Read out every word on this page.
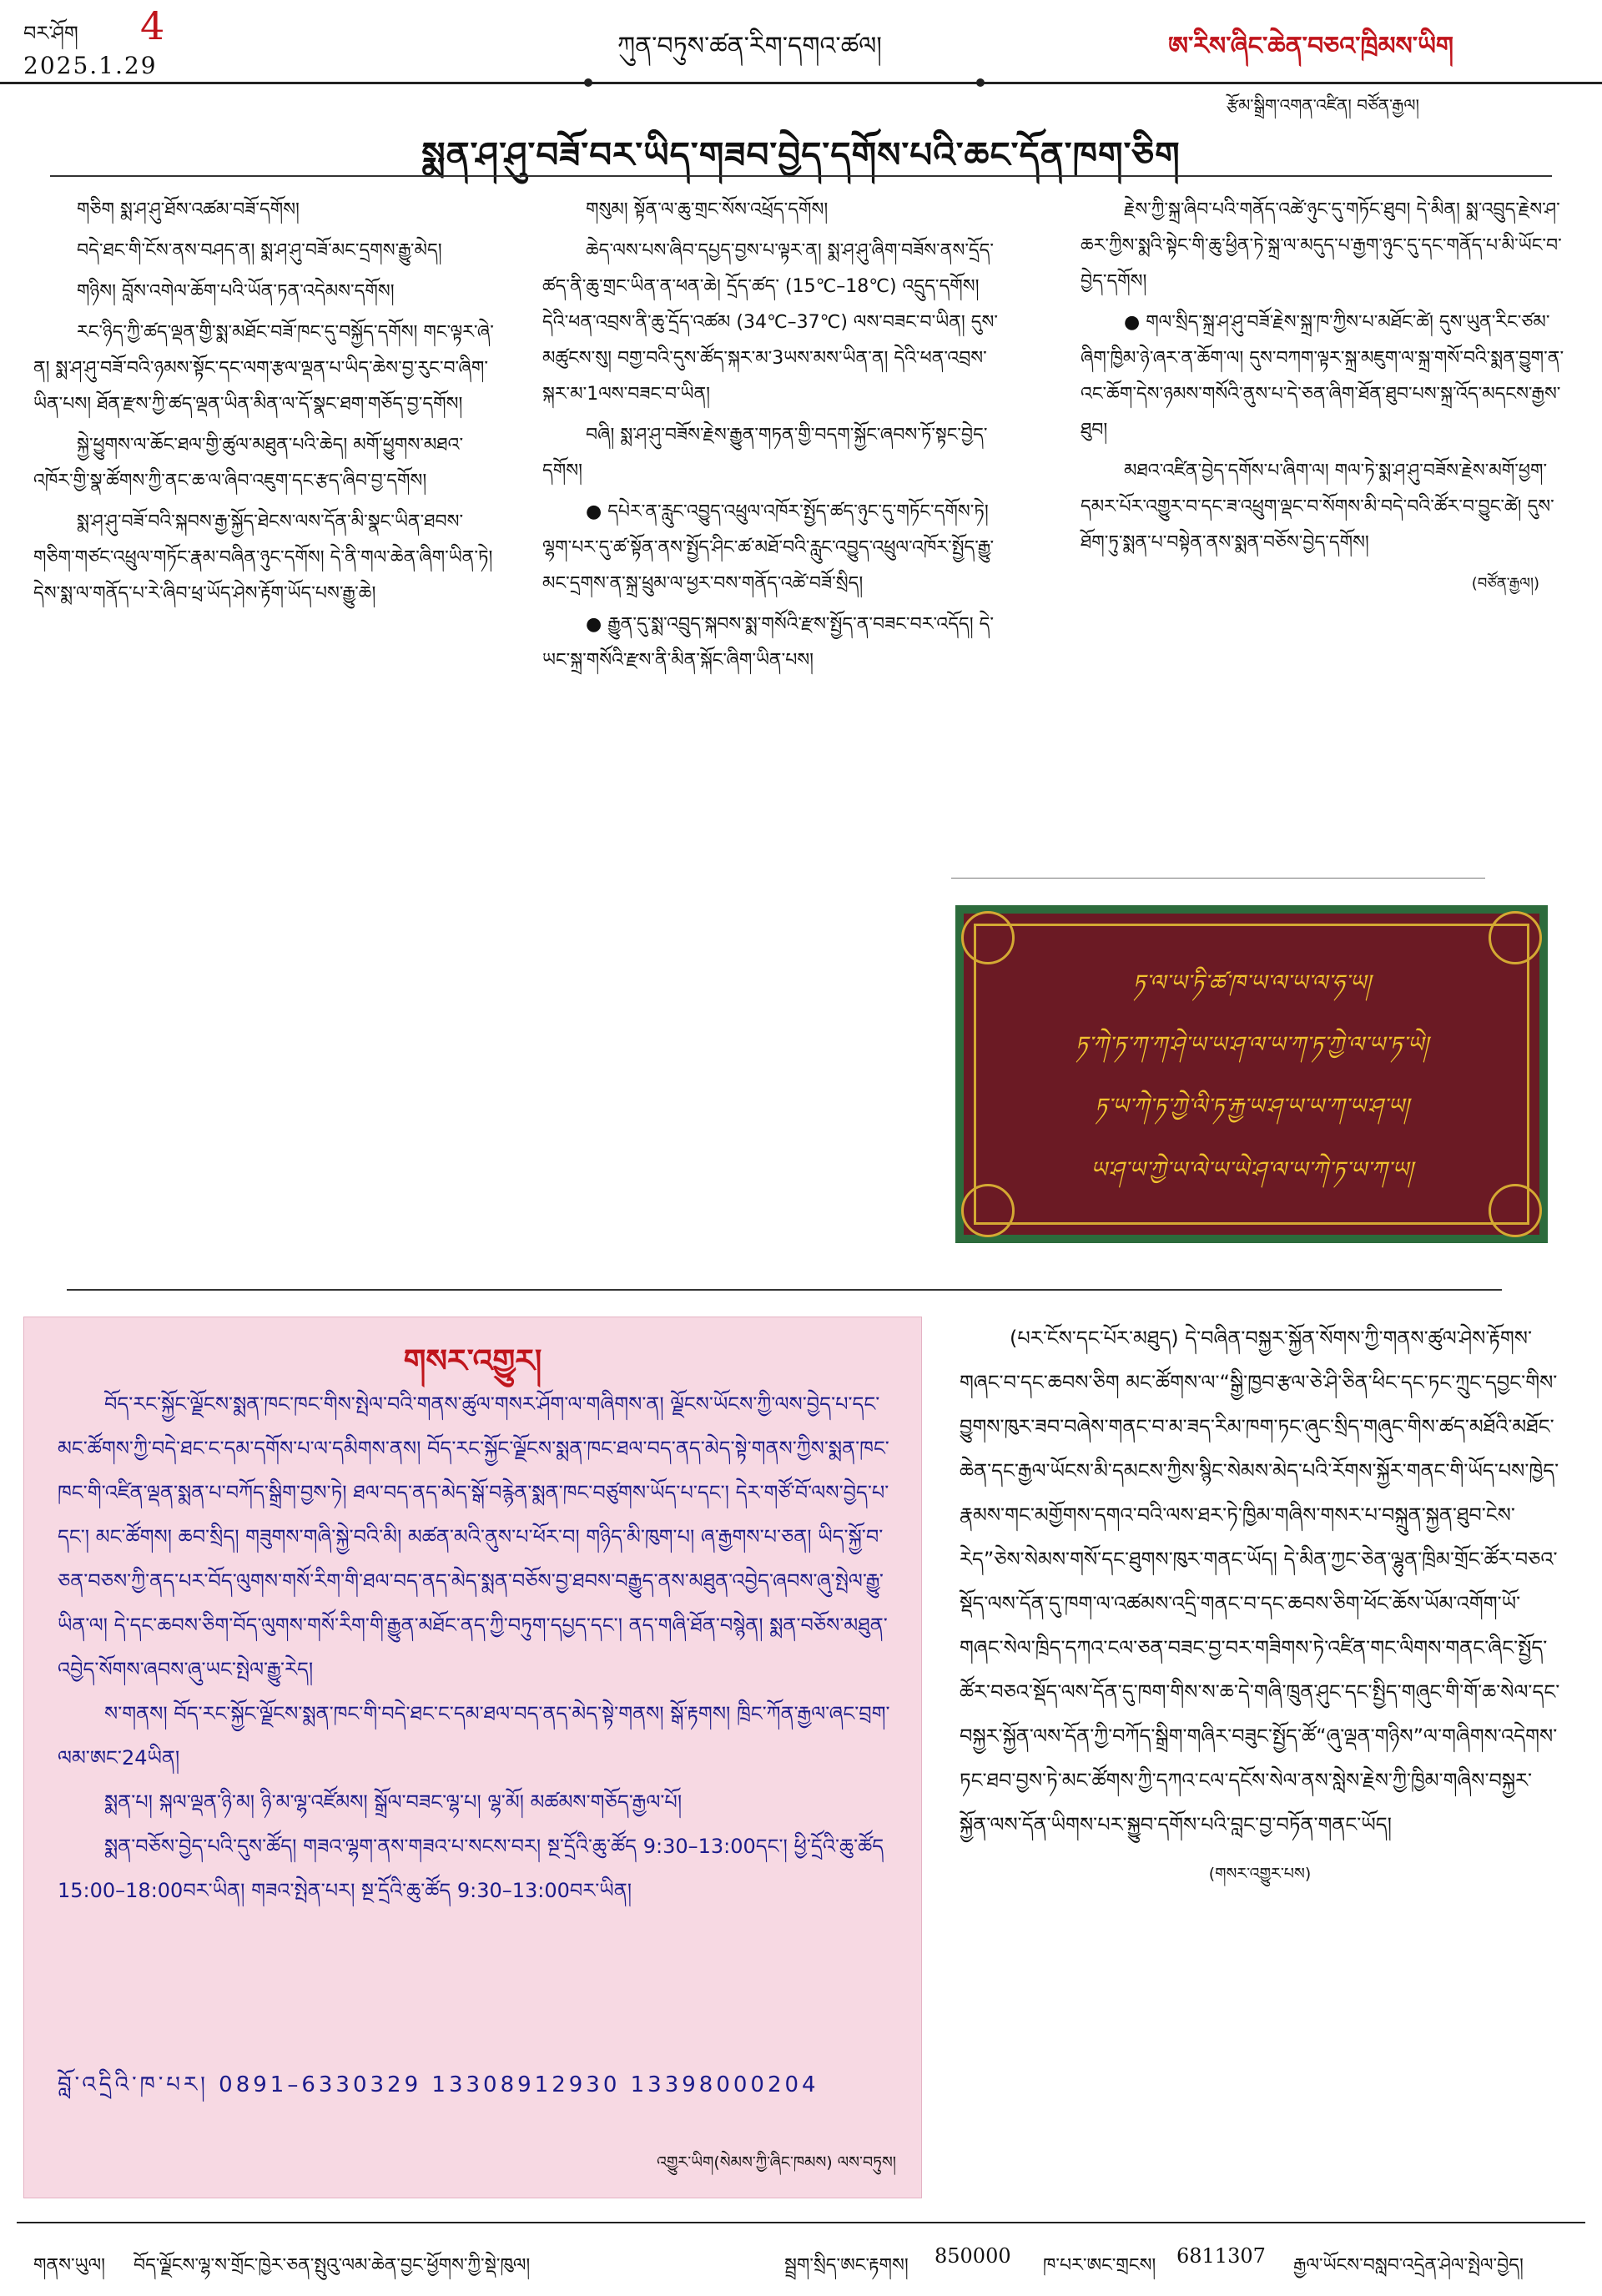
བར་ཤོག 4
2025.1.29
ཀུན་བཏུས་ཚན་རིག་དགའ་ཚལ།	ཨ་རིས་ཞིང་ཆེན་བཅའ་ཁྲིམས་ཡིག
རྩོམ་སྒྲིག་འགན་འཛིན། བཙོན་རྒྱལ།
སྨན་ཤ་ཤུ་བཟོ་བར་ཡིད་གཟབ་བྱེད་དགོས་པའི་ཆང་དོན་ཁག་ཅིག

གཅིག སྨ་ཤ་ཤུ་ཐོས་འཚམ་བཟོ་དགོས།

བདེ་ཐང་གི་ངོས་ནས་བཤད་ན། སྨ་ཤ་ཤུ་བཟོ་མང་དྲགས་རྒྱུ་མེད།

གཉིས། བློས་འགེལ་ཆོག་པའི་ཡོན་ཏན་འདེམས་དགོས།

རང་ཉིད་ཀྱི་ཚད་ལྡན་གྱི་སྨ་མཐོང་བཟོ་ཁང་དུ་བསྐྱོད་དགོས། གང་ལྟར་ཞེ་ན། སྨ་ཤ་ཤུ་བཟོ་བའི་ཉམས་སྟོང་དང་ལག་རྩལ་ལྡན་པ་ཡིད་ཆེས་བྱ་རུང་བ་ཞིག་ཡིན་པས། ཐོན་རྫས་ཀྱི་ཚད་ལྡན་ཡིན་མིན་ལ་དོ་སྣང་ཐག་གཅོད་བྱ་དགོས།

སྐྱེ་ཕྱུགས་ལ་ཆོང་ཐལ་གྱི་ཚུལ་མཐུན་པའི་ཆེད། མགོ་ཕྱུགས་མཐའ་འཁོར་གྱི་སྣ་ཚོགས་ཀྱི་ནང་ཆ་ལ་ཞིབ་འཇུག་དང་རྩད་ཞིབ་བྱ་དགོས།

སྨ་ཤ་ཤུ་བཟོ་བའི་སྐབས་རྒྱ་སྐྱོད་ཐེངས་ལས་དོན་མི་སྣང་ཡིན་ཐབས་གཅིག་གཙང་འཕྲུལ་གཏོང་རྣམ་བཞིན་ཉུང་དགོས། དེ་ནི་གལ་ཆེན་ཞིག་ཡིན་ཏེ། དེས་སྨ་ལ་གནོད་པ་རེ་ཞིབ་ཕྲ་ཡོད་ཤེས་རྟོག་ཡོད་པས་རྒྱུ་ཆེ།

གསུམ། སྟོན་ལ་ཆུ་གྲང་སོས་འཕྲོད་དགོས།

ཆེད་ལས་པས་ཞིབ་དཔྱད་བྱས་པ་ལྟར་ན། སྨ་ཤ་ཤུ་ཞིག་བཟོས་ནས་དྲོད་ཚད་ནི་ཆུ་གྲང་ཡིན་ན་ཕན་ཆེ། དྲོད་ཚད་ (15℃–18℃) འདྲུད་དགོས། དེའི་ཕན་འབྲས་ནི་ཆུ་དྲོད་འཚམ (34℃–37℃) ལས་བཟང་བ་ཡིན། དུས་མཚུངས་སུ། བགྱ་བའི་དུས་ཚོད་སྐར་མ་3ཡས་མས་ཡིན་ན། དེའི་ཕན་འབྲས་སྐར་མ་1ལས་བཟང་བ་ཡིན།

བཞི། སྨ་ཤ་ཤུ་བཟོས་རྗེས་རྒྱུན་གཏན་གྱི་བདག་སྐྱོང་ཞབས་ཏོ་སྟང་བྱེད་དགོས།

● དཔེར་ན་རླུང་འབྱུད་འཕྲུལ་འཁོར་སྤྱོད་ཚད་ཉུང་དུ་གཏོང་དགོས་ཏེ། ལྷག་པར་དུ་ཚ་སྟོན་ནས་སྤྱོད་ཤིང་ཚ་མཐོ་བའི་རླུང་འབྱུད་འཕྲུལ་འཁོར་སྤྱོད་རྒྱུ་མང་དྲགས་ན་སྐྲ་ཕྲུམ་ལ་ཕྱར་བས་གནོད་འཚེ་བཟོ་སྲིད།

● རྒྱུན་དུ་སྨ་འབྲུད་སྐབས་སྨ་གསོའི་རྫས་སྤྱོད་ན་བཟང་བར་འདོད། དེ་ཡང་སྐྲ་གསོའི་རྫས་ནི་མིན་སྐོང་ཞིག་ཡིན་པས།

རྗེས་ཀྱི་སྐྲ་ཞིབ་པའི་གནོད་འཚེ་ཉུང་དུ་གཏོང་ཐུབ། དེ་མིན། སྨ་འབྲུད་རྗེས་ཤ་ཆར་ཀྱིས་སྨའི་སྟེང་གི་ཆུ་ཕྱིན་ཏེ་སྐྲ་ལ་མདུད་པ་རྒྱག་ཉུང་དུ་དང་གནོད་པ་མི་ཡོང་བ་བྱེད་དགོས།

● གལ་སྲིད་སྐྲ་ཤ་ཤུ་བཟོ་རྗེས་སྐྲ་ཁ་ཀྱིས་པ་མཐོང་ཚེ། དུས་ཡུན་རིང་ཙམ་ཞིག་ཁྱིམ་ཉེ་ཞར་ན་ཆོག་ལ། དུས་བཀག་ལྟར་སྐྲ་མཇུག་ལ་སྐྲ་གསོ་བའི་སྨན་བྱུག་ན་འང་ཆོག་དེས་ཉམས་གསོའི་ནུས་པ་དེ་ཅན་ཞིག་ཐོན་ཐུབ་པས་སྐྲ་འོད་མདངས་རྒྱས་ཐུབ།

མཐའ་འཛིན་བྱེད་དགོས་པ་ཞིག་ལ། གལ་ཏེ་སྨ་ཤ་ཤུ་བཟོས་རྗེས་མགོ་ཕྱག་དམར་པོར་འགྱུར་བ་དང་ཟ་འཕྲུག་ལྡང་བ་སོགས་མི་བདེ་བའི་ཚོར་བ་བྱུང་ཚེ། དུས་ཐོག་ཏུ་སྨན་པ་བསྟེན་ནས་སྨན་བཅོས་བྱེད་དགོས།

(བཙོན་རྒྱལ།)
ཏ་ལ་ཡ་ཏི་ཚ་ཁ་ཡ་ལ་ཡ་ལ་ཧ་ཡ།
ཏ་ཀེ་ཏ་ཀ་ཀ་ཤེ་ཡ་ཡ་ཤ་ལ་ཡ་ཀ་ཏ་ཀྱེ་ལ་ཡ་ཏ་ཡེ།
ཏ་ཡ་ཀེ་ཏ་ཀྱེ་ལི་ཏ་རྐྱ་ཡ་ཤ་ཡ་ཡ་ཀ་ཡ་ཤ་ཡ།
ཡ་ཤ་ཡ་ཀྱེ་ཡ་ལེ་ཡ་ཡེ་ཤ་ལ་ཡ་ཀེ་ཏ་ཡ་ཀ་ཡ།
གསར་འགྱུར།

བོད་རང་སྐྱོང་ལྗོངས་སྨན་ཁང་ཁང་གིས་སྤེལ་བའི་གནས་ཚུལ་གསར་ཤོག་ལ་གཞིགས་ན། ལྗོངས་ཡོངས་ཀྱི་ལས་བྱེད་པ་དང་མང་ཚོགས་ཀྱི་བདེ་ཐང་ང་དམ་དགོས་པ་ལ་དམིགས་ནས། བོད་རང་སྐྱོང་ལྗོངས་སྨན་ཁང་ཐལ་བད་ནད་མེད་སྟེ་གནས་ཀྱིས་སྨན་ཁང་ཁང་གི་འཛིན་ལྡན་སྨན་པ་བཀོད་སྒྲིག་བྱས་ཏེ། ཐལ་བད་ནད་མེད་སྒོ་བརྙེན་སྨན་ཁང་བཙུགས་ཡོད་པ་དང་། དེར་གཙོ་བོ་ལས་བྱེད་པ་དང་། མང་ཚོགས། ཆབ་སྲིད། གཟུགས་གཞི་སྐྱེ་བའི་མི། མཚན་མའི་ནུས་པ་ཕོར་བ། གཉིད་མི་ཁུག་པ། ཞ་རྒྱགས་པ་ཅན། ཡིད་སྐྱོ་བ་ཅན་བཅས་ཀྱི་ནད་པར་བོད་ལུགས་གསོ་རིག་གི་ཐལ་བད་ནད་མེད་སྨན་བཅོས་བྱ་ཐབས་བརྒྱུད་ནས་མཐུན་འབྱེད་ཞབས་ཞུ་སྤེལ་རྒྱུ་ཡིན་ལ། དེ་དང་ཆབས་ཅིག་བོད་ལུགས་གསོ་རིག་གི་རྒྱུན་མཐོང་ནད་ཀྱི་བཏུག་དཔྱད་དང་། ནད་གཞི་ཐོན་བསྙེན། སྨན་བཅོས་མཐུན་འབྱེད་སོགས་ཞབས་ཞུ་ཡང་སྤེལ་རྒྱུ་རེད།

ས་གནས། བོད་རང་སྐྱོང་ལྗོངས་སྨན་ཁང་གི་བདེ་ཐང་ང་དམ་ཐལ་བད་ནད་མེད་སྟེ་གནས། སྒོ་རྟགས། ཁྲིང་ཀོན་རྒྱལ་ཞང་བྲག་ལམ་ཨང་24ཡིན།

སྨན་པ། སྐལ་ལྡན་ཉི་མ། ཉི་མ་ལྷ་འཛོམས། སྒྲོལ་བཟང་ལྷ་པ། ལྷ་མོ། མཚམས་གཅོད་རྒྱལ་པོ།

སྨན་བཅོས་བྱེད་པའི་དུས་ཚོད། གཟའ་ལྷག་ནས་གཟའ་པ་སངས་བར། སྔ་དྲོའི་ཆུ་ཚོད 9:30–13:00དང་། ཕྱི་དྲོའི་ཆུ་ཚོད 15:00–18:00བར་ཡིན། གཟའ་སྤེན་པར། སྔ་དྲོའི་ཆུ་ཚོད 9:30–13:00བར་ཡིན།

བློ་འདྲིའི་ཁ་པར། 0891–6330329 13308912930 13398000204
འགྱུར་ཡིག(སེམས་ཀྱི་ཞིང་ཁམས) ལས་བཏུས།

(པར་ངོས་དང་པོར་མཐུད) དེ་བཞིན་བསྐྱར་སྐྱོན་སོགས་ཀྱི་གནས་ཚུལ་ཤེས་རྟོགས་གཞང་བ་དང་ཆབས་ཅིག མང་ཚོགས་ལ་“སྒྱི་ཁྱབ་རྩལ་ཅེ་ཤི་ཅིན་ཕིང་དང་ཏང་ཀྲུང་དབྱང་གིས་བྱུགས་ཁུར་ཟབ་བཞེས་གནང་བ་མ་ཟད་རིམ་ཁག་ཏང་ཞུང་སྲིད་གཞུང་གིས་ཚད་མཐོའི་མཐོང་ཆེན་དང་རྒྱལ་ཡོངས་མི་དམངས་ཀྱིས་སྙིང་སེམས་མེད་པའི་རོགས་སྐྱོར་གནང་གི་ཡོད་པས་ཁྱེད་རྣམས་གང་མགྱོགས་དགའ་བའི་ལས་ཐར་ཏེ་ཁྱིམ་གཞིས་གསར་པ་བསྐྲུན་སྐྱན་ཐུབ་ངེས་རེད”ཅེས་སེམས་གསོ་དང་ཐུགས་ཁུར་གནང་ཡོད། དེ་མིན་ཀྱང་ཅེན་ལྷུན་ཁྲིམ་གྲོང་ཚོར་བཅའ་སྡོད་ལས་དོན་དུ་ཁག་ལ་འཚམས་འདྲི་གནང་བ་དང་ཆབས་ཅིག་ཕོང་ཆོས་ཡོམ་འགོག་ཡོ་གཞང་སེལ་ཁྲིད་དཀའ་ངལ་ཅན་བཟང་བྱ་བར་གཟིགས་ཏེ་འཛིན་གང་ལིགས་གནང་ཞིང་སྤྱོད་ཚོར་བཅའ་སྡོད་ལས་དོན་དུ་ཁག་གིས་ས་ཆ་དེ་གཞི་ཁྲུན་ཤུང་དང་སྤྱིད་གཞུང་གི་གོ་ཆ་སེལ་དང་བསྐྱར་སྐྱོན་ལས་དོན་ཀྱི་བཀོད་སྒྲིག་གཞིར་བཟུང་སྤྱོད་ཚོ“ཞུ་ལྡན་གཉིས”ལ་གཞིགས་འདེགས་ཏང་ཐབ་བྱས་ཏེ་མང་ཚོགས་ཀྱི་དཀའ་ངལ་དངོས་སེལ་ནས་སླེས་རྗེས་ཀྱི་ཁྱིམ་གཞིས་བསྐྱར་སྐྱོན་ལས་དོན་ཡིགས་པར་སྐྱུབ་དགོས་པའི་བླང་བྱ་བཏོན་གནང་ཡོད།

(གསར་འགྱུར་པས)
གནས་ཡུལ། བོད་ལྗོངས་ལྷ་ས་གྲོང་ཁྱེར་ཅན་སྤུའུ་ལམ་ཆེན་བྱང་ཕྱོགས་ཀྱི་སྡེ་ཁུལ།	སྦྲག་སྲིད་ཨང་རྟགས། 850000 ཁ་པར་ཨང་གྲངས། 6811307 རྒྱལ་ཡོངས་བསླབ་འདྲེན་ཤེལ་སྤེལ་བྱེད།
